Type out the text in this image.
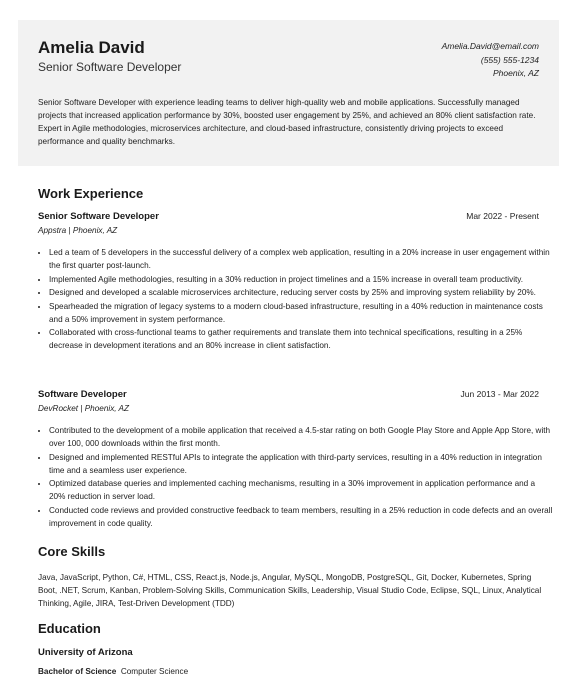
Amelia David
Senior Software Developer
Amelia.David@email.com
(555) 555-1234
Phoenix, AZ

Senior Software Developer with experience leading teams to deliver high-quality web and mobile applications. Successfully managed projects that increased application performance by 30%, boosted user engagement by 25%, and achieved an 80% client satisfaction rate. Expert in Agile methodologies, microservices architecture, and cloud-based infrastructure, consistently driving projects to exceed performance and quality benchmarks.

Work Experience
Senior Software Developer	Mar 2022 - Present
Appstra | Phoenix, AZ
• Led a team of 5 developers in the successful delivery of a complex web application, resulting in a 20% increase in user engagement within the first quarter post-launch.
• Implemented Agile methodologies, resulting in a 30% reduction in project timelines and a 15% increase in overall team productivity.
• Designed and developed a scalable microservices architecture, reducing server costs by 25% and improving system reliability by 20%.
• Spearheaded the migration of legacy systems to a modern cloud-based infrastructure, resulting in a 40% reduction in maintenance costs and a 50% improvement in system performance.
• Collaborated with cross-functional teams to gather requirements and translate them into technical specifications, resulting in a 25% decrease in development iterations and an 80% increase in client satisfaction.
Software Developer	Jun 2013 - Mar 2022
DevRocket | Phoenix, AZ
• Contributed to the development of a mobile application that received a 4.5-star rating on both Google Play Store and Apple App Store, with over 100, 000 downloads within the first month.
• Designed and implemented RESTful APIs to integrate the application with third-party services, resulting in a 40% reduction in integration time and a seamless user experience.
• Optimized database queries and implemented caching mechanisms, resulting in a 30% improvement in application performance and a 20% reduction in server load.
• Conducted code reviews and provided constructive feedback to team members, resulting in a 25% reduction in code defects and an overall improvement in code quality.
Core Skills

Java, JavaScript, Python, C#, HTML, CSS, React.js, Node.js, Angular, MySQL, MongoDB, PostgreSQL, Git, Docker, Kubernetes, Spring Boot, .NET, Scrum, Kanban, Problem-Solving Skills, Communication Skills, Leadership, Visual Studio Code, Eclipse, SQL, Linux, Analytical Thinking, Agile, JIRA, Test-Driven Development (TDD)

Education
University of Arizona
Bachelor of Science Computer Science
